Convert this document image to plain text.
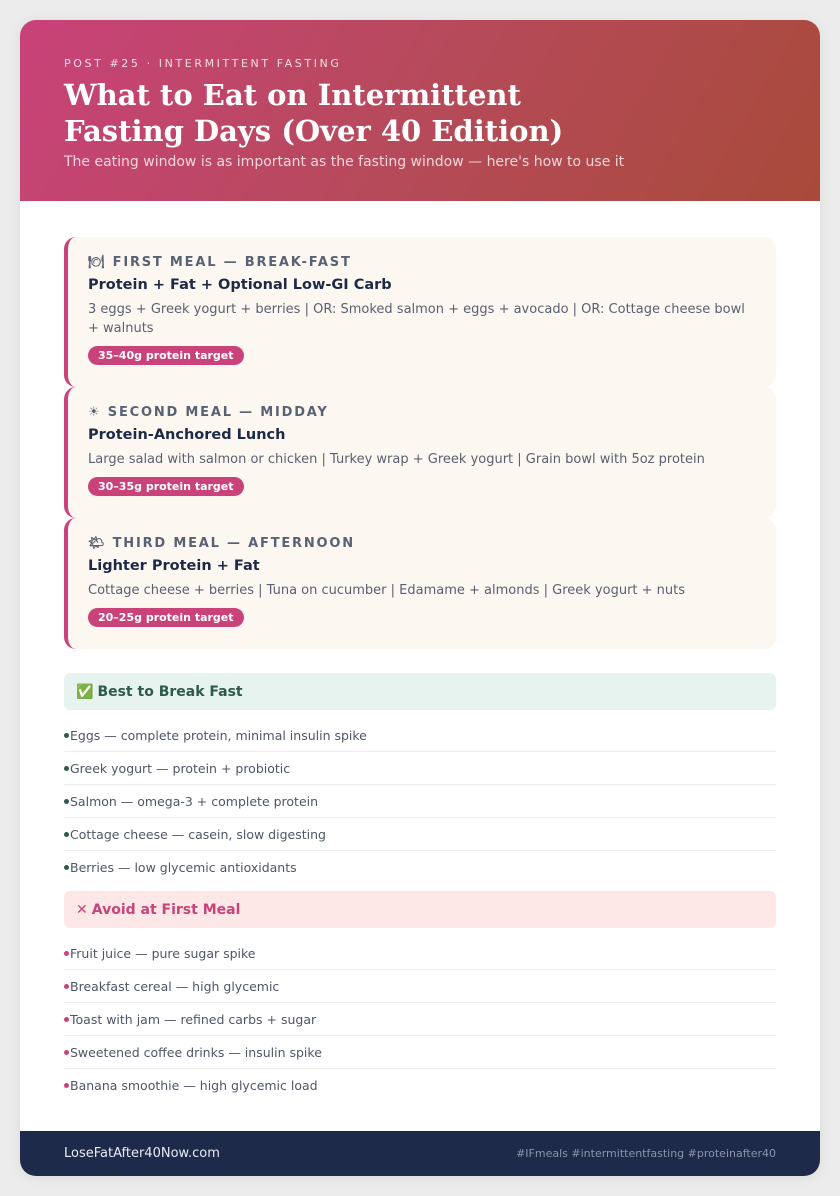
POST #25 · INTERMITTENT FASTING
What to Eat on Intermittent Fasting Days (Over 40 Edition)
The eating window is as important as the fasting window — here's how to use it
🍽 FIRST MEAL — BREAK-FAST
Protein + Fat + Optional Low-GI Carb
3 eggs + Greek yogurt + berries | OR: Smoked salmon + eggs + avocado | OR: Cottage cheese bowl + walnuts
35–40g protein target
☀ SECOND MEAL — MIDDAY
Protein-Anchored Lunch
Large salad with salmon or chicken | Turkey wrap + Greek yogurt | Grain bowl with 5oz protein
30–35g protein target
🌤 THIRD MEAL — AFTERNOON
Lighter Protein + Fat
Cottage cheese + berries | Tuna on cucumber | Edamame + almonds | Greek yogurt + nuts
20–25g protein target
✅ Best to Break Fast
Eggs — complete protein, minimal insulin spike
Greek yogurt — protein + probiotic
Salmon — omega-3 + complete protein
Cottage cheese — casein, slow digesting
Berries — low glycemic antioxidants
✕ Avoid at First Meal
Fruit juice — pure sugar spike
Breakfast cereal — high glycemic
Toast with jam — refined carbs + sugar
Sweetened coffee drinks — insulin spike
Banana smoothie — high glycemic load
LoseFatAfter40Now.com	#IFmeals #intermittentfasting #proteinafter40
